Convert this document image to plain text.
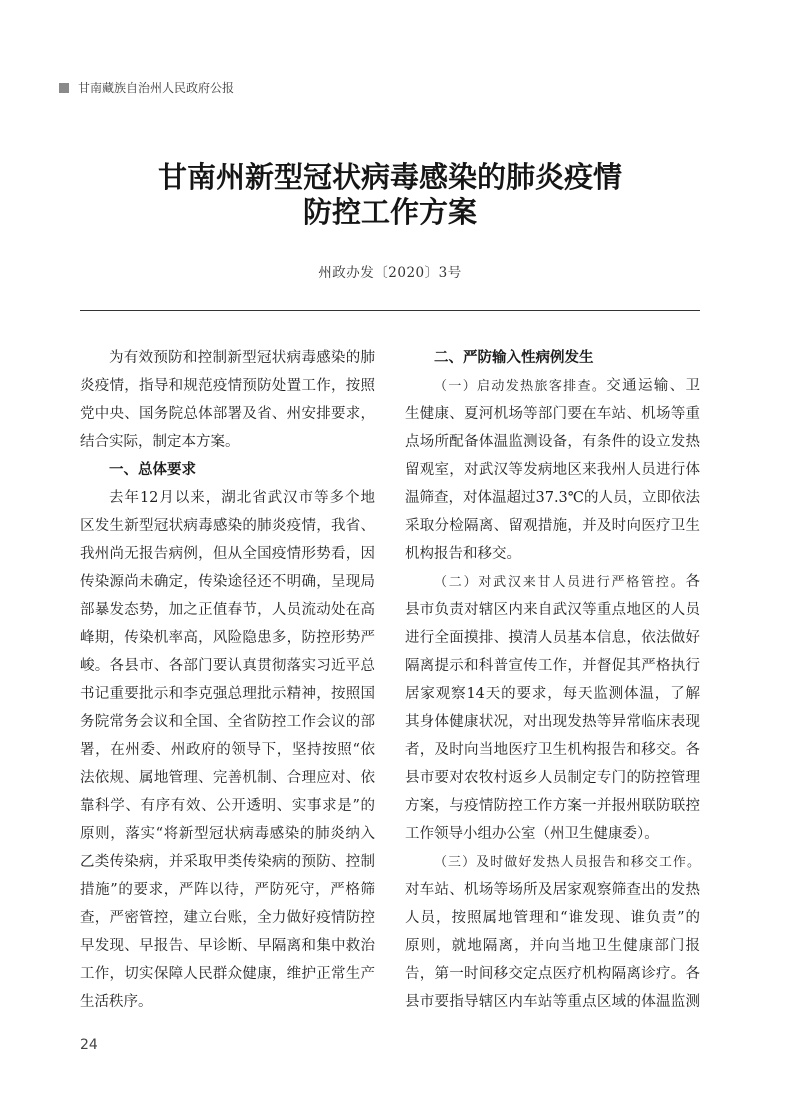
甘南藏族自治州人民政府公报
甘南州新型冠状病毒感染的肺炎疫情
防控工作方案
州政办发〔2020〕3号
为有效预防和控制新型冠状病毒感染的肺
炎疫情，指导和规范疫情预防处置工作，按照
党中央、国务院总体部署及省、州安排要求，
结合实际，制定本方案。
一、总体要求
去年12月以来，湖北省武汉市等多个地
区发生新型冠状病毒感染的肺炎疫情，我省、
我州尚无报告病例，但从全国疫情形势看，因
传染源尚未确定，传染途径还不明确，呈现局
部暴发态势，加之正值春节，人员流动处在高
峰期，传染机率高，风险隐患多，防控形势严
峻。各县市、各部门要认真贯彻落实习近平总
书记重要批示和李克强总理批示精神，按照国
务院常务会议和全国、全省防控工作会议的部
署，在州委、州政府的领导下，坚持按照“依
法依规、属地管理、完善机制、合理应对、依
靠科学、有序有效、公开透明、实事求是”的
原则，落实“将新型冠状病毒感染的肺炎纳入
乙类传染病，并采取甲类传染病的预防、控制
措施”的要求，严阵以待，严防死守，严格筛
查，严密管控，建立台账，全力做好疫情防控
早发现、早报告、早诊断、早隔离和集中救治
工作，切实保障人民群众健康，维护正常生产
生活秩序。
二、严防输入性病例发生
（一）启动发热旅客排查。交通运输、卫
生健康、夏河机场等部门要在车站、机场等重
点场所配备体温监测设备，有条件的设立发热
留观室，对武汉等发病地区来我州人员进行体
温筛查，对体温超过37.3℃的人员，立即依法
采取分检隔离、留观措施，并及时向医疗卫生
机构报告和移交。
（二）对武汉来甘人员进行严格管控。各
县市负责对辖区内来自武汉等重点地区的人员
进行全面摸排、摸清人员基本信息，依法做好
隔离提示和科普宣传工作，并督促其严格执行
居家观察14天的要求，每天监测体温，了解
其身体健康状况，对出现发热等异常临床表现
者，及时向当地医疗卫生机构报告和移交。各
县市要对农牧村返乡人员制定专门的防控管理
方案，与疫情防控工作方案一并报州联防联控
工作领导小组办公室（州卫生健康委）。
（三）及时做好发热人员报告和移交工作。
对车站、机场等场所及居家观察筛查出的发热
人员，按照属地管理和“谁发现、谁负责”的
原则，就地隔离，并向当地卫生健康部门报
告，第一时间移交定点医疗机构隔离诊疗。各
县市要指导辖区内车站等重点区域的体温监测
24
